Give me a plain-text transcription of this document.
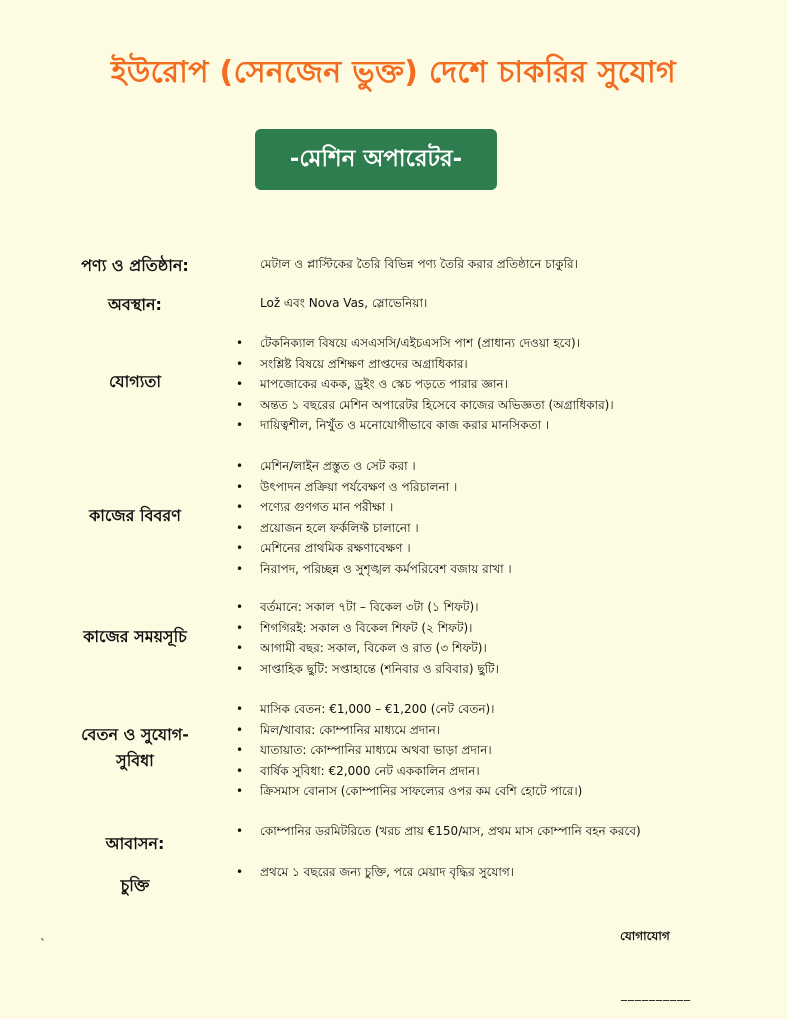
ইউরোপ (সেনজেন ভুক্ত) দেশে চাকরির সুযোগ
-মেশিন অপারেটর-
পণ্য ও প্রতিষ্ঠান:	মেটাল ও প্লাস্টিকের তৈরি বিভিন্ন পণ্য তৈরি করার প্রতিষ্ঠানে চাকুরি।
অবস্থান:	Lož এবং Nova Vas, স্লোভেনিয়া।
যোগ্যতা
• টেকনিক্যাল বিষয়ে এসএসসি/এইচএসসি পাশ (প্রাধান্য দেওয়া হবে)।
• সংশ্লিষ্ট বিষয়ে প্রশিক্ষণ প্রাপ্তদের অগ্রাধিকার।
• মাপজোকের একক, ড্রইং ও স্কেচ পড়তে পারার জ্ঞান।
• অন্তত ১ বছরের মেশিন অপারেটর হিসেবে কাজের অভিজ্ঞতা (অগ্রাধিকার)।
• দায়িত্বশীল, নিখুঁত ও মনোযোগীভাবে কাজ করার মানসিকতা ।
কাজের বিবরণ
• মেশিন/লাইন প্রস্তুত ও সেট করা ।
• উৎপাদন প্রক্রিয়া পর্যবেক্ষণ ও পরিচালনা ।
• পণ্যের গুণগত মান পরীক্ষা ।
• প্রয়োজন হলে ফর্কলিফ্ট চালানো ।
• মেশিনের প্রাথমিক রক্ষণাবেক্ষণ ।
• নিরাপদ, পরিচ্ছন্ন ও সুশৃঙ্খল কর্মপরিবেশ বজায় রাখা ।
কাজের সময়সূচি
• বর্তমানে: সকাল ৭টা – বিকেল ৩টা (১ শিফট)।
• শিগগিরই: সকাল ও বিকেল শিফট (২ শিফট)।
• আগামী বছর: সকাল, বিকেল ও রাত (৩ শিফট)।
• সাপ্তাহিক ছুটি: সপ্তাহান্তে (শনিবার ও রবিবার) ছুটি।
বেতন ও সুযোগ-
সুবিধা
• মাসিক বেতন: €1,000 – €1,200 (নেট বেতন)।
• মিল/খাবার: কোম্পানির মাধ্যমে প্রদান।
• যাতায়াত: কোম্পানির মাধ্যমে অথবা ভাড়া প্রদান।
• বার্ষিক সুবিধা: €2,000 নেট এককালিন প্রদান।
• ক্রিসমাস বোনাস (কোম্পানির সাফল্যের ওপর কম বেশি হোটে পারে।)
আবাসন:
• কোম্পানির ডরমিটরিতে (খরচ প্রায় €150/মাস, প্রথম মাস কোম্পানি বহন করবে)
চুক্তি
• প্রথমে ১ বছরের জন্য চুক্তি, পরে মেয়াদ বৃদ্ধির সুযোগ।
`
যোগাযোগ
__________
